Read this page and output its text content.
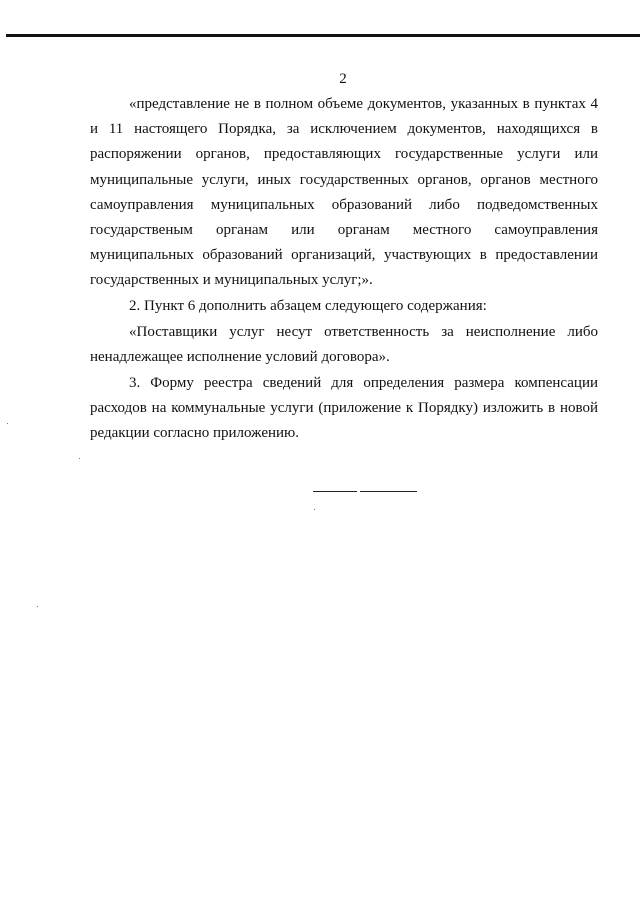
2

«представление не в полном объеме документов, указанных в пунктах 4 и 11 настоящего Порядка, за исключением документов, находящихся в распоряжении органов, предоставляющих государственные услуги или муниципальные услуги, иных государственных органов, органов местного самоуправления муниципальных образований либо подведомственных государственым органам или органам местного самоуправления муниципальных образований организаций, участвующих в предоставлении государственных и муниципальных услуг;».

2. Пункт 6 дополнить абзацем следующего содержания:

«Поставщики услуг несут ответственность за неисполнение либо ненадлежащее исполнение условий договора».

3. Форму реестра сведений для определения размера компенсации расходов на коммунальные услуги (приложение к Порядку) изложить в новой редакции согласно приложению.
